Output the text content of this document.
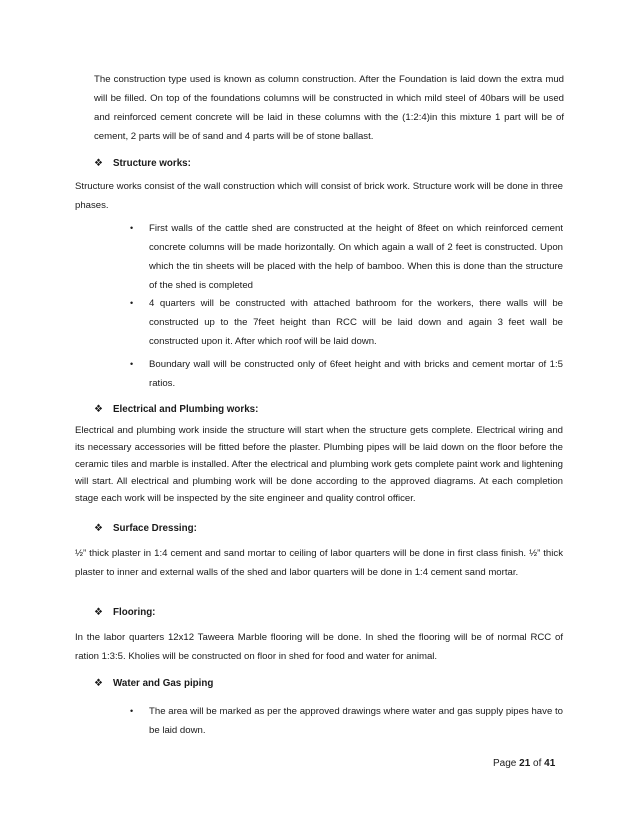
The construction type used is known as column construction. After the Foundation is laid down the extra mud will be filled. On top of the foundations columns will be constructed in which mild steel of 40bars will be used and reinforced cement concrete will be laid in these columns with the (1:2:4)in this mixture 1 part will be of cement, 2 parts will be of sand and 4 parts will be of stone ballast.

❖ Structure works:

Structure works consist of the wall construction which will consist of brick work. Structure work will be done in three phases.

• First walls of the cattle shed are constructed at the height of 8feet on which reinforced cement concrete columns will be made horizontally. On which again a wall of 2 feet is constructed. Upon which the tin sheets will be placed with the help of bamboo. When this is done than the structure of the shed is completed
• 4 quarters will be constructed with attached bathroom for the workers, there walls will be constructed up to the 7feet height than RCC will be laid down and again 3 feet wall be constructed upon it. After which roof will be laid down.
• Boundary wall will be constructed only of 6feet height and with bricks and cement mortar of 1:5 ratios.
❖ Electrical and Plumbing works:

Electrical and plumbing work inside the structure will start when the structure gets complete. Electrical wiring and its necessary accessories will be fitted before the plaster. Plumbing pipes will be laid down on the floor before the ceramic tiles and marble is installed. After the electrical and plumbing work gets complete paint work and lightening will start. All electrical and plumbing work will be done according to the approved diagrams. At each completion stage each work will be inspected by the site engineer and quality control officer.

❖ Surface Dressing:

½” thick plaster in 1:4 cement and sand mortar to ceiling of labor quarters will be done in first class finish. ½” thick plaster to inner and external walls of the shed and labor quarters will be done in 1:4 cement sand mortar.

❖ Flooring:

In the labor quarters 12x12 Taweera Marble flooring will be done. In shed the flooring will be of normal RCC of ration 1:3:5. Kholies will be constructed on floor in shed for food and water for animal.

❖ Water and Gas piping
• The area will be marked as per the approved drawings where water and gas supply pipes have to be laid down.
Page 21 of 41
